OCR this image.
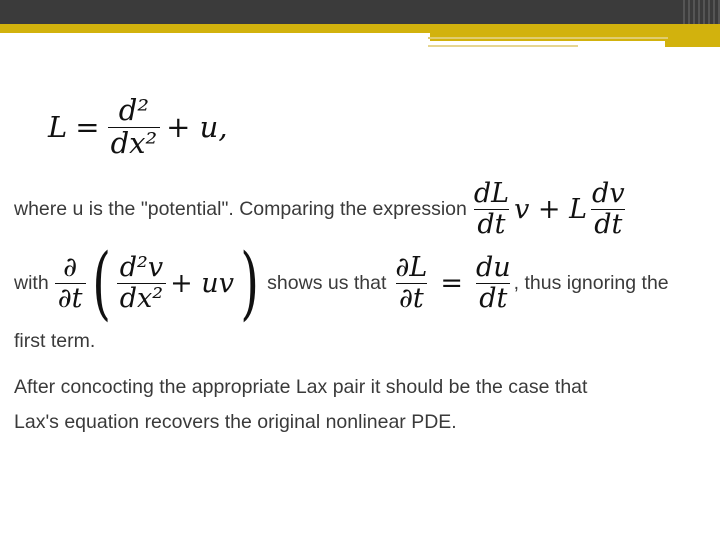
$L = \frac{\text{d²}}{\text{dx²}} + u$,
where u is the "potential". Comparing the expression $\frac{dL}{dt}$ v + L $\frac{dv}{dt}$
with $\frac{\partial}{\partial t}$ ( $\frac{\text{d²v}}{\text{dx²}}$ + uv ) shows us that $\frac{\partial L}{\partial t} = \frac{du}{dt}$ , thus ignoring the
first term.
After concocting the appropriate Lax pair it should be the case that
Lax's equation recovers the original nonlinear PDE.
